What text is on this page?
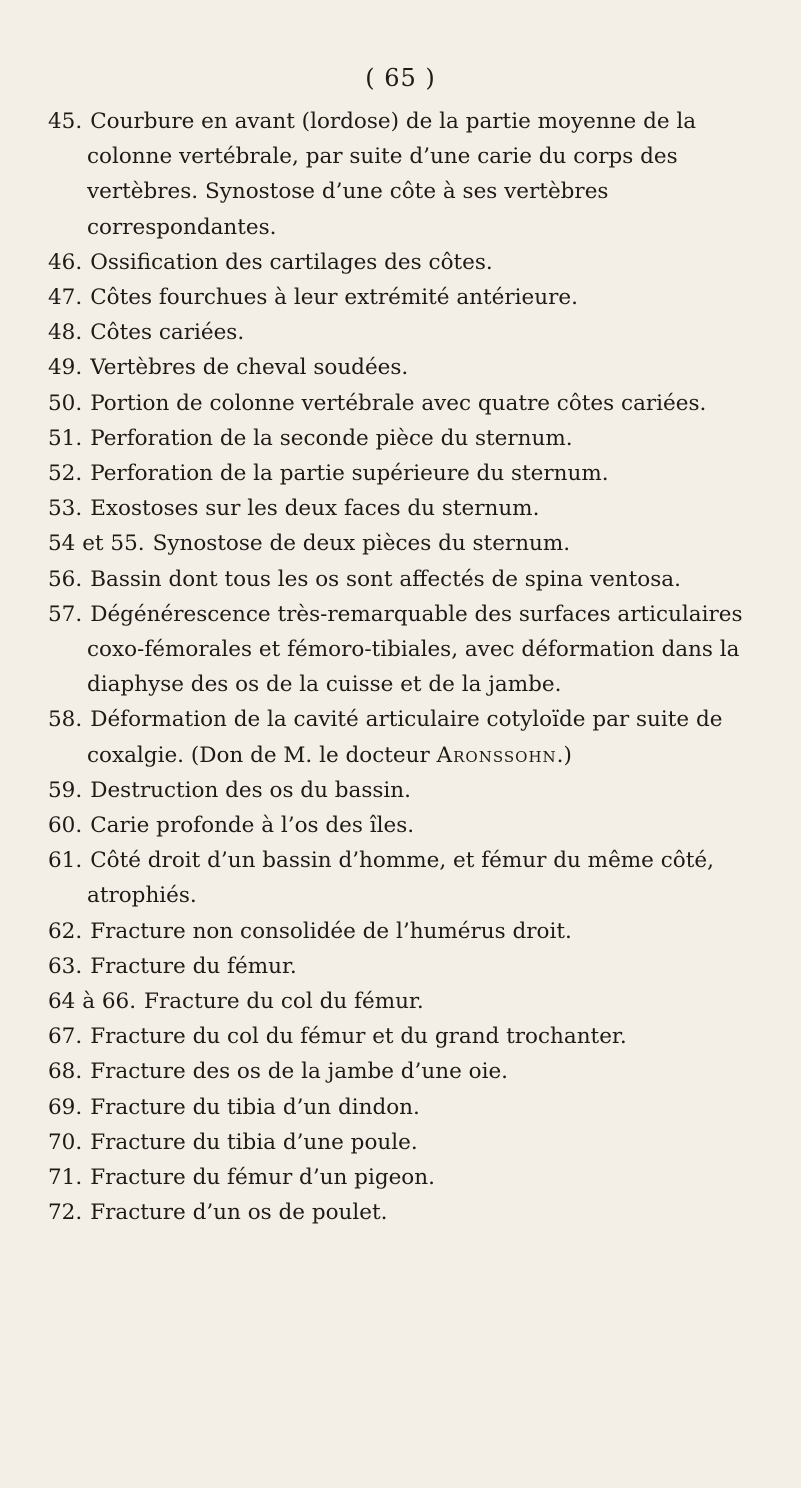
( 65 )
45. Courbure en avant (lordose) de la partie moyenne de la colonne vertébrale, par suite d’une carie du corps des vertèbres. Synostose d’une côte à ses vertèbres correspondantes.
46. Ossification des cartilages des côtes.
47. Côtes fourchues à leur extrémité antérieure.
48. Côtes cariées.
49. Vertèbres de cheval soudées.
50. Portion de colonne vertébrale avec quatre côtes cariées.
51. Perforation de la seconde pièce du sternum.
52. Perforation de la partie supérieure du sternum.
53. Exostoses sur les deux faces du sternum.
54 et 55. Synostose de deux pièces du sternum.
56. Bassin dont tous les os sont affectés de spina ventosa.
57. Dégénérescence très-remarquable des surfaces articulaires coxo-fémorales et fémoro-tibiales, avec déformation dans la diaphyse des os de la cuisse et de la jambe.
58. Déformation de la cavité articulaire cotyloïde par suite de coxalgie. (Don de M. le docteur Aronssohn.)
59. Destruction des os du bassin.
60. Carie profonde à l’os des îles.
61. Côté droit d’un bassin d’homme, et fémur du même côté, atrophiés.
62. Fracture non consolidée de l’humérus droit.
63. Fracture du fémur.
64 à 66. Fracture du col du fémur.
67. Fracture du col du fémur et du grand trochanter.
68. Fracture des os de la jambe d’une oie.
69. Fracture du tibia d’un dindon.
70. Fracture du tibia d’une poule.
71. Fracture du fémur d’un pigeon.
72. Fracture d’un os de poulet.
